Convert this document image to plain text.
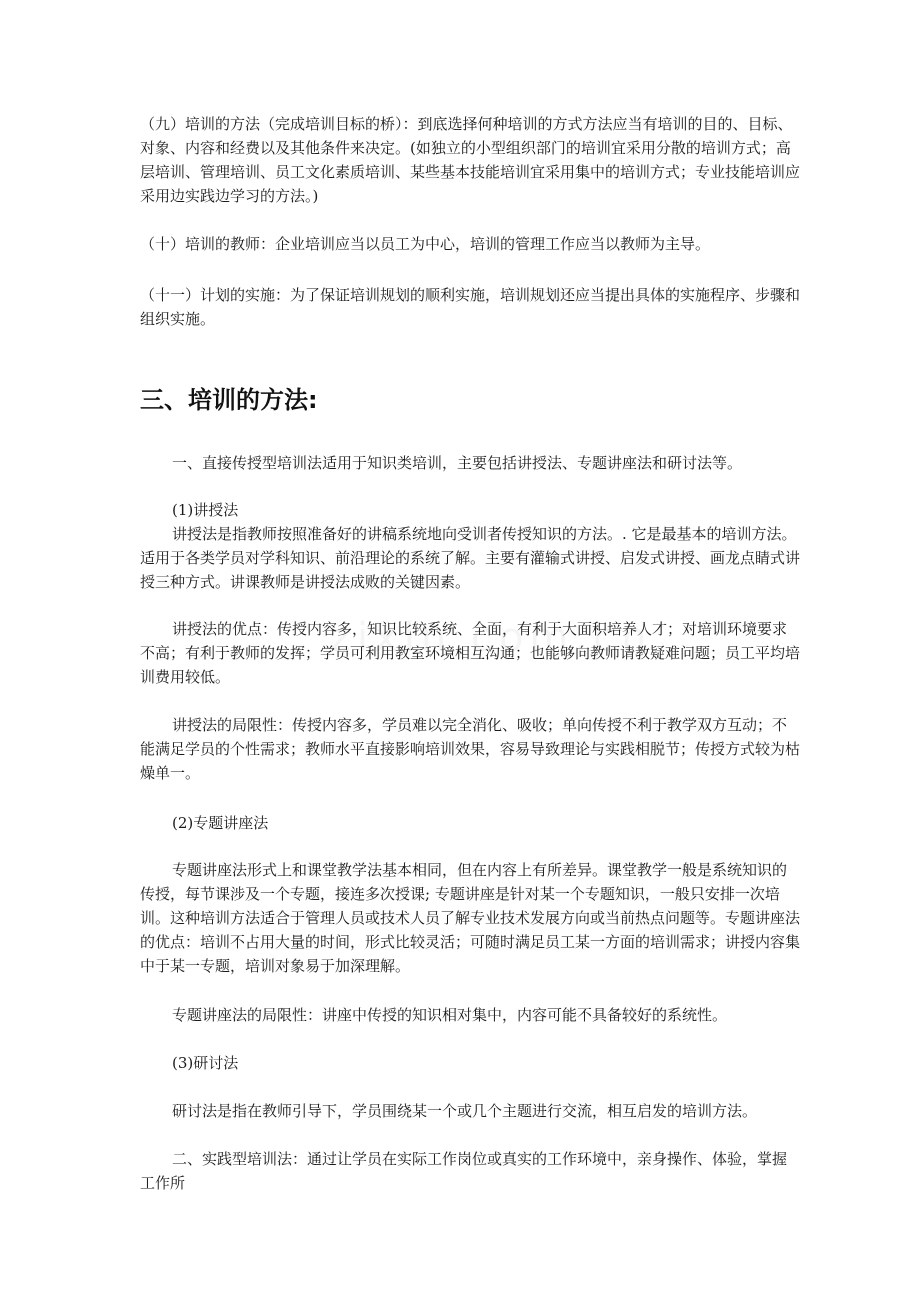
（九）培训的方法（完成培训目标的桥）：到底选择何种培训的方式方法应当有培训的目的、目标、对象、内容和经费以及其他条件来决定。(如独立的小型组织部门的培训宜采用分散的培训方式；高层培训、管理培训、员工文化素质培训、某些基本技能培训宜采用集中的培训方式；专业技能培训应采用边实践边学习的方法。)

（十）培训的教师：企业培训应当以员工为中心，培训的管理工作应当以教师为主导。

（十一）计划的实施：为了保证培训规划的顺利实施，培训规划还应当提出具体的实施程序、步骤和组织实施。

三、培训的方法:

一、直接传授型培训法适用于知识类培训，主要包括讲授法、专题讲座法和研讨法等。

(1)讲授法

讲授法是指教师按照准备好的讲稿系统地向受训者传授知识的方法。. 它是最基本的培训方法。适用于各类学员对学科知识、前沿理论的系统了解。主要有灌输式讲授、启发式讲授、画龙点睛式讲授三种方式。讲课教师是讲授法成败的关键因素。

讲授法的优点：传授内容多，知识比较系统、全面，有利于大面积培养人才；对培训环境要求不高；有利于教师的发挥；学员可利用教室环境相互沟通；也能够向教师请教疑难问题；员工平均培训费用较低。

讲授法的局限性：传授内容多，学员难以完全消化、吸收；单向传授不利于教学双方互动；不能满足学员的个性需求；教师水平直接影响培训效果，容易导致理论与实践相脱节；传授方式较为枯燥单一。

(2)专题讲座法

专题讲座法形式上和课堂教学法基本相同，但在内容上有所差异。课堂教学一般是系统知识的传授，每节课涉及一个专题，接连多次授课; 专题讲座是针对某一个专题知识，一般只安排一次培训。这种培训方法适合于管理人员或技术人员了解专业技术发展方向或当前热点问题等。专题讲座法的优点：培训不占用大量的时间，形式比较灵活；可随时满足员工某一方面的培训需求；讲授内容集中于某一专题，培训对象易于加深理解。

专题讲座法的局限性：讲座中传授的知识相对集中，内容可能不具备较好的系统性。

(3)研讨法

研讨法是指在教师引导下，学员围绕某一个或几个主题进行交流，相互启发的培训方法。

二、实践型培训法：通过让学员在实际工作岗位或真实的工作环境中，亲身操作、体验，掌握工作所
